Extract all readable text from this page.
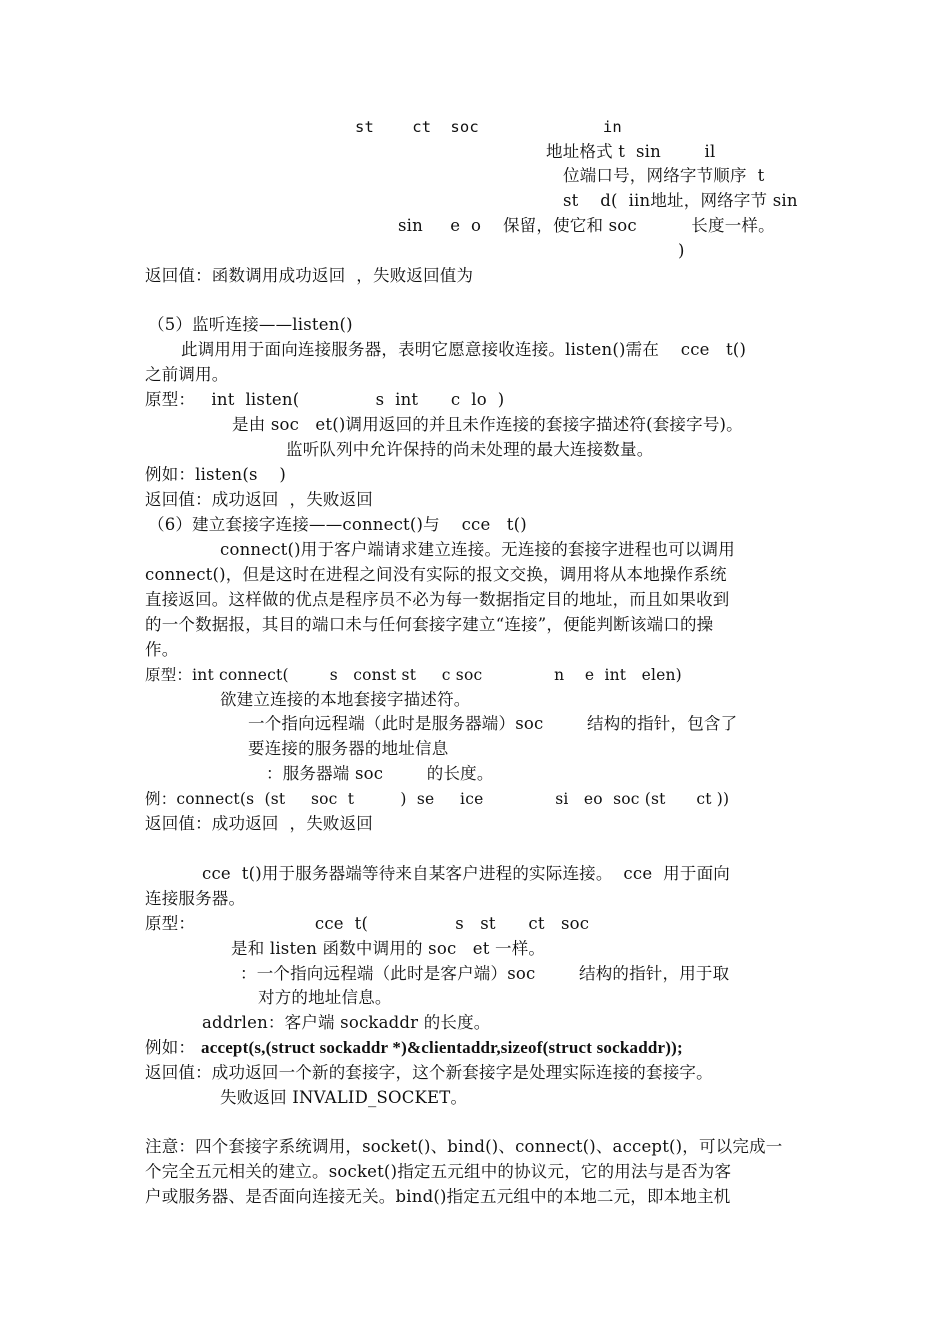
st    ct  soc             in
地址格式 t  sin        il
位端口号，网络字节顺序  t
st    d(  iin地址，网络字节 sin
sin     e  o    保留，使它和 soc          长度一样。
)
返回值：函数调用成功返回  ，失败返回值为
（5）监听连接——listen()
此调用用于面向连接服务器，表明它愿意接收连接。listen()需在    cce   t()
之前调用。
原型：   int  listen(              s  int      c  lo  )
是由 soc   et()调用返回的并且未作连接的套接字描述符(套接字号)。
监听队列中允许保持的尚未处理的最大连接数量。
例如：listen(s    )
返回值：成功返回  ，失败返回
（6）建立套接字连接——connect()与    cce   t()
connect()用于客户端请求建立连接。无连接的套接字进程也可以调用
connect()，但是这时在进程之间没有实际的报文交换，调用将从本地操作系统
直接返回。这样做的优点是程序员不必为每一数据指定目的地址，而且如果收到
的一个数据报，其目的端口未与任何套接字建立“连接”，便能判断该端口的操
作。
原型：int connect(        s   const st     c soc              n    e  int   elen)
欲建立连接的本地套接字描述符。
一个指向远程端（此时是服务器端）soc        结构的指针，包含了
要连接的服务器的地址信息
：服务器端 soc        的长度。
例：connect(s  (st     soc  t         )  se     ice              si   eo  soc (st      ct ))
返回值：成功返回  ，失败返回
cce  t()用于服务器端等待来自某客户进程的实际连接。  cce  用于面向
连接服务器。
原型：                      cce  t(                s   st      ct   soc
是和 listen 函数中调用的 soc   et 一样。
：一个指向远程端（此时是客户端）soc        结构的指针，用于取
对方的地址信息。
addrlen：客户端 sockaddr 的长度。
例如： accept(s,(struct sockaddr *)&clientaddr,sizeof(struct sockaddr));
返回值：成功返回一个新的套接字，这个新套接字是处理实际连接的套接字。
失败返回 INVALID_SOCKET。
注意：四个套接字系统调用，socket()、bind()、connect()、accept()，可以完成一
个完全五元相关的建立。socket()指定五元组中的协议元，它的用法与是否为客
户或服务器、是否面向连接无关。bind()指定五元组中的本地二元，即本地主机
